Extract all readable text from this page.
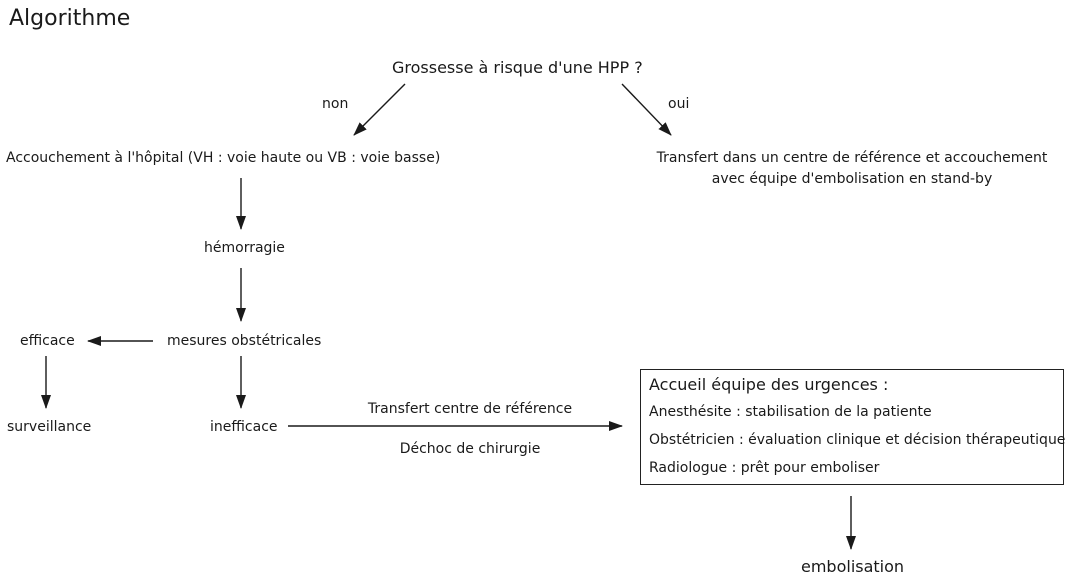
Algorithme
Grossesse à risque d'une HPP ?
non	oui
Accouchement à l'hôpital (VH : voie haute ou VB : voie basse)	Transfert dans un centre de référence et accouchement
avec équipe d'embolisation en stand-by
hémorragie
mesures obstétricales
efficace
surveillance	inefficace
Transfert centre de référence
Déchoc de chirurgie
Accueil équipe des urgences :
Anesthésite : stabilisation de la patiente
Obstétricien : évaluation clinique et décision thérapeutique
Radiologue : prêt pour emboliser
embolisation
